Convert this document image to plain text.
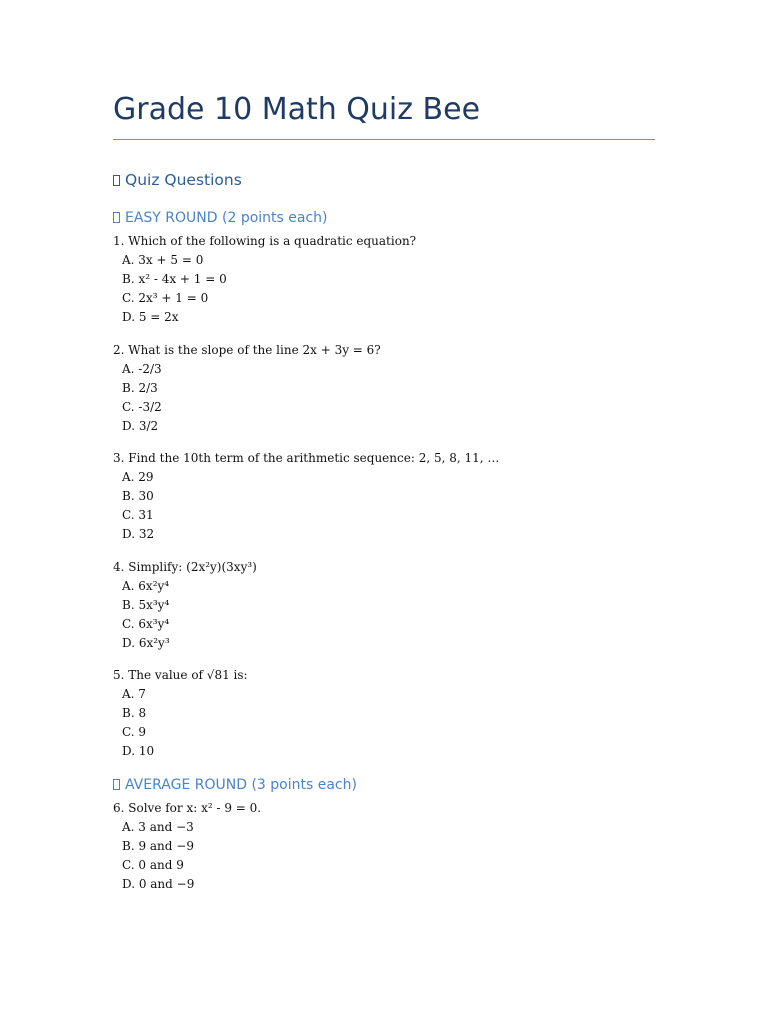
Grade 10 Math Quiz Bee
Quiz Questions
EASY ROUND (2 points each)

1. Which of the following is a quadratic equation?

A. 3x + 5 = 0

B. x² - 4x + 1 = 0

C. 2x³ + 1 = 0

D. 5 = 2x

2. What is the slope of the line 2x + 3y = 6?

A. -2/3

B. 2/3

C. -3/2

D. 3/2

3. Find the 10th term of the arithmetic sequence: 2, 5, 8, 11, …

A. 29

B. 30

C. 31

D. 32

4. Simplify: (2x²y)(3xy³)

A. 6x²y⁴

B. 5x³y⁴

C. 6x³y⁴

D. 6x²y³

5. The value of √81 is:

A. 7

B. 8

C. 9

D. 10

AVERAGE ROUND (3 points each)

6. Solve for x: x² - 9 = 0.

A. 3 and −3

B. 9 and −9

C. 0 and 9

D. 0 and −9
